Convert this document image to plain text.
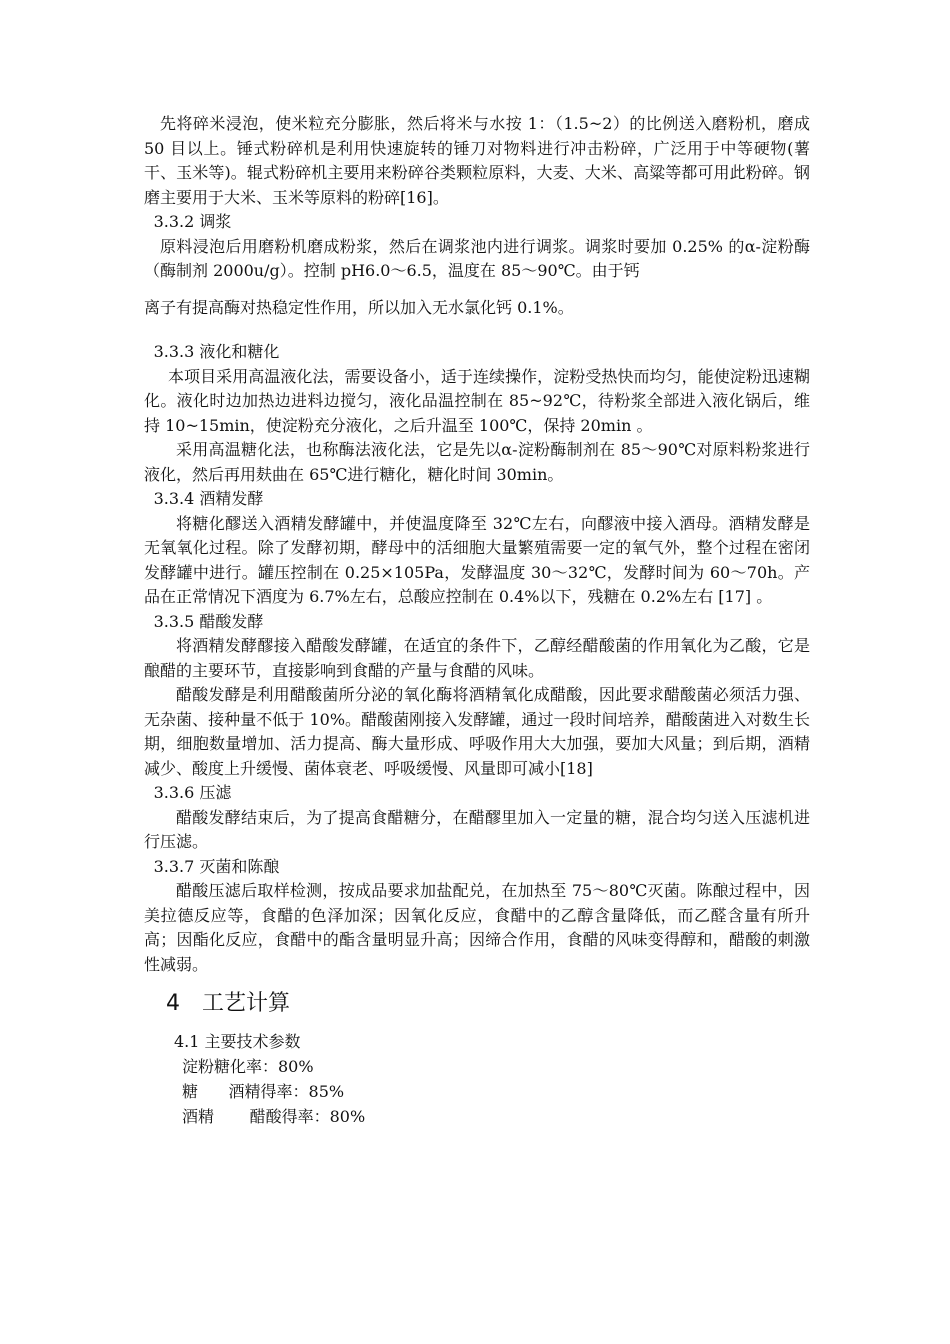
先将碎米浸泡，使米粒充分膨胀，然后将米与水按 1：（1.5~2）的比例送入磨粉机，磨成 50 目以上。锤式粉碎机是利用快速旋转的锤刀对物料进行冲击粉碎，广泛用于中等硬物(薯干、玉米等)。辊式粉碎机主要用来粉碎谷类颗粒原料，大麦、大米、高粱等都可用此粉碎。钢磨主要用于大米、玉米等原料的粉碎[16]。

3.3.2 调浆

原料浸泡后用磨粉机磨成粉浆，然后在调浆池内进行调浆。调浆时要加 0.25% 的α-淀粉酶（酶制剂 2000u/g）。控制 pH6.0～6.5，温度在 85～90℃。由于钙

离子有提高酶对热稳定性作用，所以加入无水氯化钙 0.1%。

3.3.3 液化和糖化

本项目采用高温液化法，需要设备小，适于连续操作，淀粉受热快而均匀，能使淀粉迅速糊化。液化时边加热边进料边搅匀，液化品温控制在 85~92℃，待粉浆全部进入液化锅后，维持 10~15min，使淀粉充分液化，之后升温至 100℃，保持 20min 。

采用高温糖化法，也称酶法液化法，它是先以α-淀粉酶制剂在 85～90℃对原料粉浆进行液化，然后再用麸曲在 65℃进行糖化，糖化时间 30min。

3.3.4 酒精发酵

将糖化醪送入酒精发酵罐中，并使温度降至 32℃左右，向醪液中接入酒母。酒精发酵是无氧氧化过程。除了发酵初期，酵母中的活细胞大量繁殖需要一定的氧气外，整个过程在密闭发酵罐中进行。罐压控制在 0.25×105Pa，发酵温度 30～32℃，发酵时间为 60～70h。产品在正常情况下酒度为 6.7%左右，总酸应控制在 0.4%以下，残糖在 0.2%左右 [17] 。

3.3.5 醋酸发酵

将酒精发酵醪接入醋酸发酵罐，在适宜的条件下，乙醇经醋酸菌的作用氧化为乙酸，它是酿醋的主要环节，直接影响到食醋的产量与食醋的风味。

醋酸发酵是利用醋酸菌所分泌的氧化酶将酒精氧化成醋酸，因此要求醋酸菌必须活力强、无杂菌、接种量不低于 10%。醋酸菌刚接入发酵罐，通过一段时间培养，醋酸菌进入对数生长期，细胞数量增加、活力提高、酶大量形成、呼吸作用大大加强，要加大风量；到后期，酒精减少、酸度上升缓慢、菌体衰老、呼吸缓慢、风量即可减小[18]

3.3.6 压滤

醋酸发酵结束后，为了提高食醋糖分，在醋醪里加入一定量的糖，混合均匀送入压滤机进行压滤。

3.3.7 灭菌和陈酿

醋酸压滤后取样检测，按成品要求加盐配兑，在加热至 75～80℃灭菌。陈酿过程中，因美拉德反应等，食醋的色泽加深；因氧化反应，食醋中的乙醇含量降低，而乙醛含量有所升高；因酯化反应，食醋中的酯含量明显升高；因缔合作用，食醋的风味变得醇和，醋酸的刺激性减弱。

4 工艺计算

4.1 主要技术参数

淀粉糖化率：80%

糖      酒精得率：85%

酒精       醋酸得率：80%
